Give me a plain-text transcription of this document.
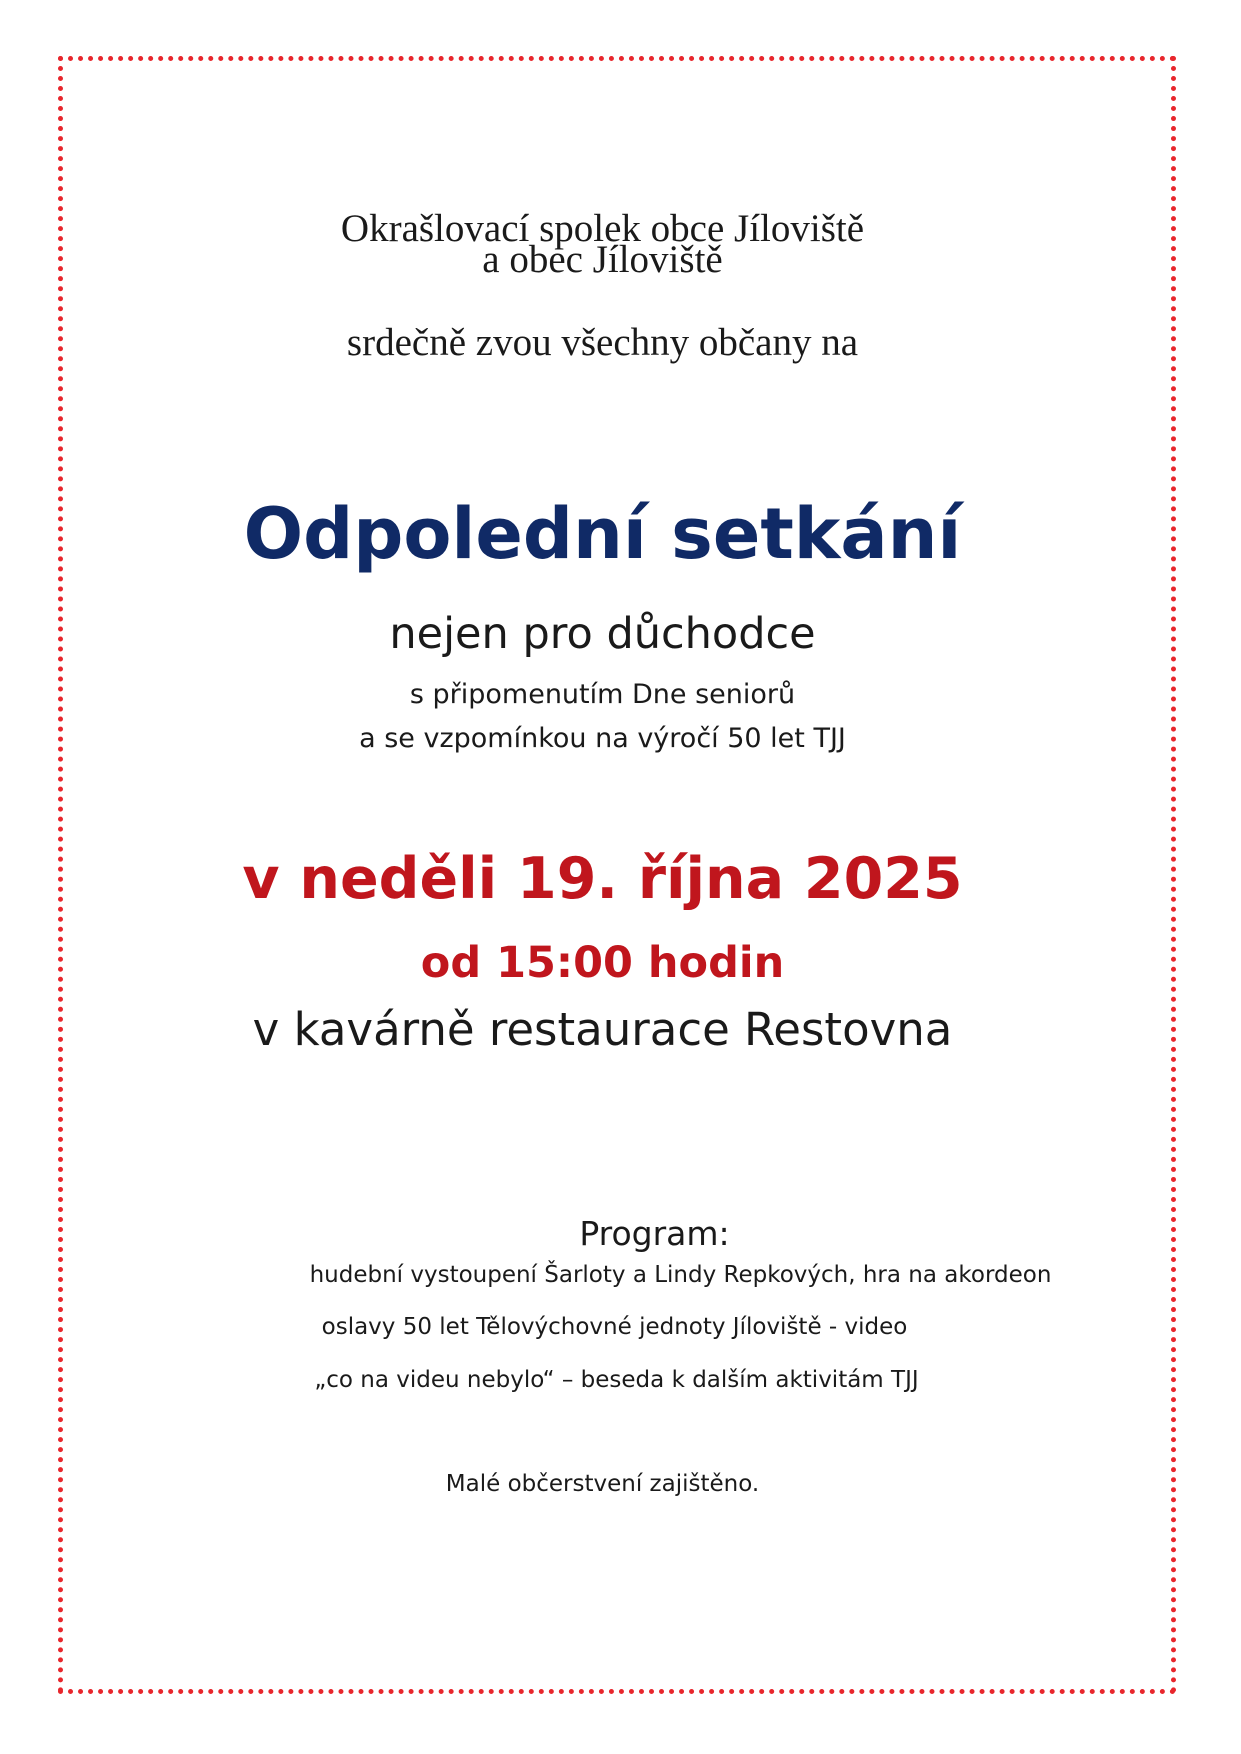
Okrašlovací spolek obce Jíloviště

a obec Jíloviště

srdečně zvou všechny občany na

Odpolední setkání

nejen pro důchodce

s připomenutím Dne seniorů

a se vzpomínkou na výročí 50 let TJJ

v neděli 19. října 2025

od 15:00 hodin

v kavárně restaurace Restovna

Program:

hudební vystoupení Šarloty a Lindy Repkových, hra na akordeon

oslavy 50 let Tělovýchovné jednoty Jíloviště - video

„co na videu nebylo“ – beseda k dalším aktivitám TJJ

Malé občerstvení zajištěno.
